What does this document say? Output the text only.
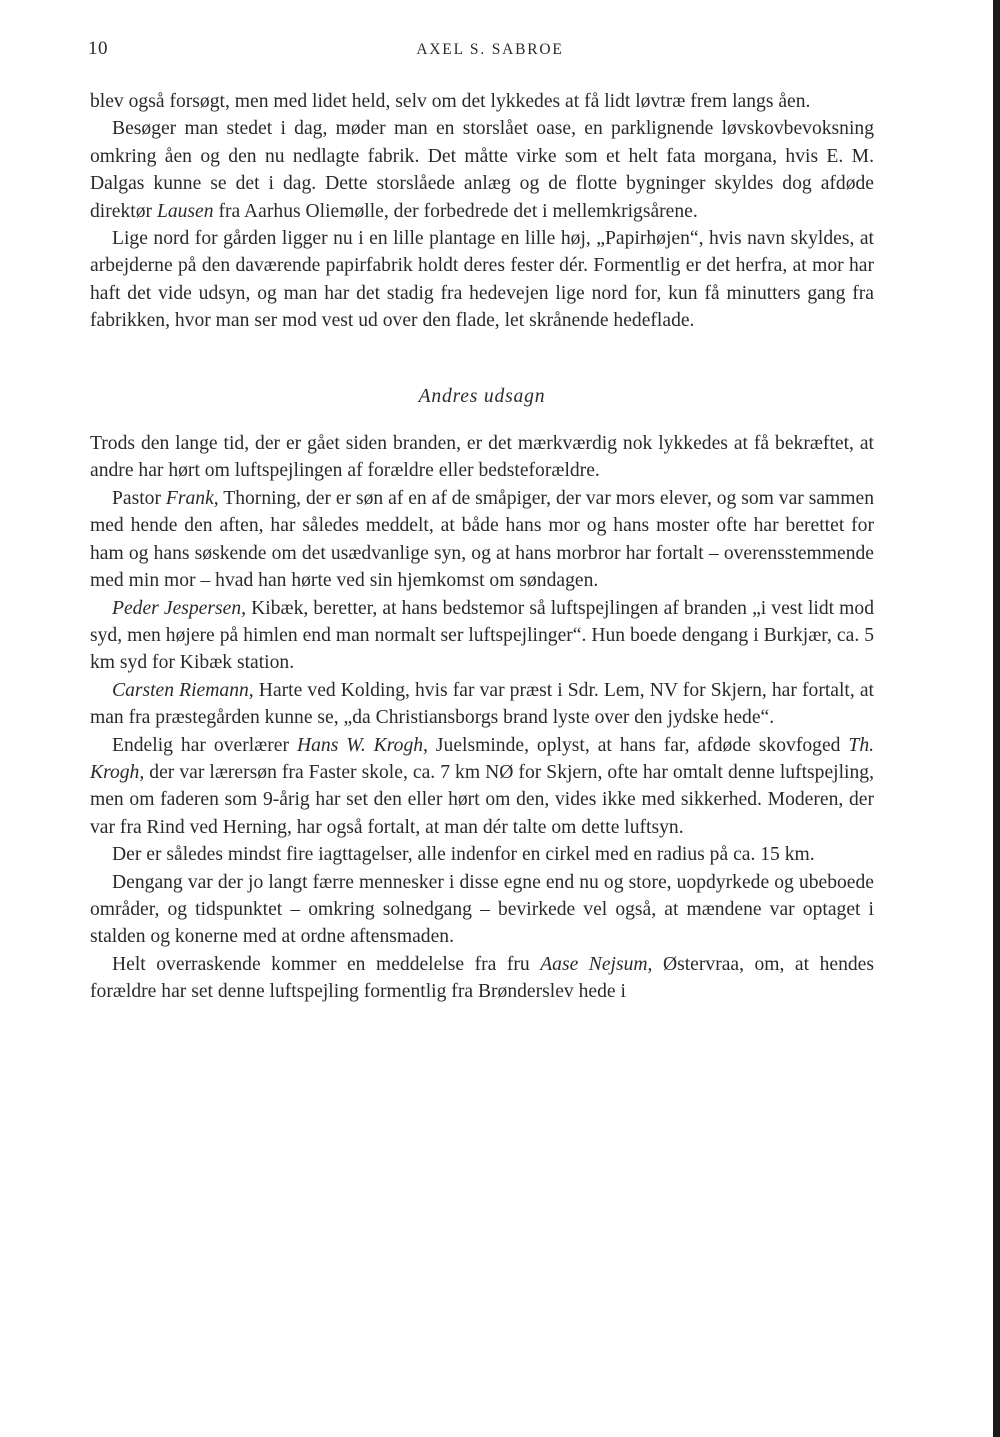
10	AXEL S. SABROE

blev også forsøgt, men med lidet held, selv om det lykkedes at få lidt løvtræ frem langs åen.

Besøger man stedet i dag, møder man en storslået oase, en parklignende løvskovbevoksning omkring åen og den nu nedlagte fabrik. Det måtte virke som et helt fata morgana, hvis E. M. Dalgas kunne se det i dag. Dette storslåede anlæg og de flotte bygninger skyldes dog afdøde direktør Lausen fra Aarhus Oliemølle, der forbedrede det i mellemkrigsårene.

Lige nord for gården ligger nu i en lille plantage en lille høj, „Papirhøjen“, hvis navn skyldes, at arbejderne på den daværende papirfabrik holdt deres fester dér. Formentlig er det herfra, at mor har haft det vide udsyn, og man har det stadig fra hedevejen lige nord for, kun få minutters gang fra fabrikken, hvor man ser mod vest ud over den flade, let skrånende hedeflade.

Andres udsagn

Trods den lange tid, der er gået siden branden, er det mærkværdig nok lykkedes at få bekræftet, at andre har hørt om luftspejlingen af forældre eller bedsteforældre.

Pastor Frank, Thorning, der er søn af en af de småpiger, der var mors elever, og som var sammen med hende den aften, har således meddelt, at både hans mor og hans moster ofte har berettet for ham og hans søskende om det usædvanlige syn, og at hans morbror har fortalt – overensstemmende med min mor – hvad han hørte ved sin hjemkomst om søndagen.

Peder Jespersen, Kibæk, beretter, at hans bedstemor så luftspejlingen af branden „i vest lidt mod syd, men højere på himlen end man normalt ser luftspejlinger“. Hun boede dengang i Burkjær, ca. 5 km syd for Kibæk station.

Carsten Riemann, Harte ved Kolding, hvis far var præst i Sdr. Lem, NV for Skjern, har fortalt, at man fra præstegården kunne se, „da Christiansborgs brand lyste over den jydske hede“.

Endelig har overlærer Hans W. Krogh, Juelsminde, oplyst, at hans far, afdøde skovfoged Th. Krogh, der var lærersøn fra Faster skole, ca. 7 km NØ for Skjern, ofte har omtalt denne luftspejling, men om faderen som 9-årig har set den eller hørt om den, vides ikke med sikkerhed. Moderen, der var fra Rind ved Herning, har også fortalt, at man dér talte om dette luftsyn.

Der er således mindst fire iagttagelser, alle indenfor en cirkel med en radius på ca. 15 km.

Dengang var der jo langt færre mennesker i disse egne end nu og store, uopdyrkede og ubeboede områder, og tidspunktet – omkring solnedgang – bevirkede vel også, at mændene var optaget i stalden og konerne med at ordne aftensmaden.

Helt overraskende kommer en meddelelse fra fru Aase Nejsum, Østervraa, om, at hendes forældre har set denne luftspejling formentlig fra Brønderslev hede i
